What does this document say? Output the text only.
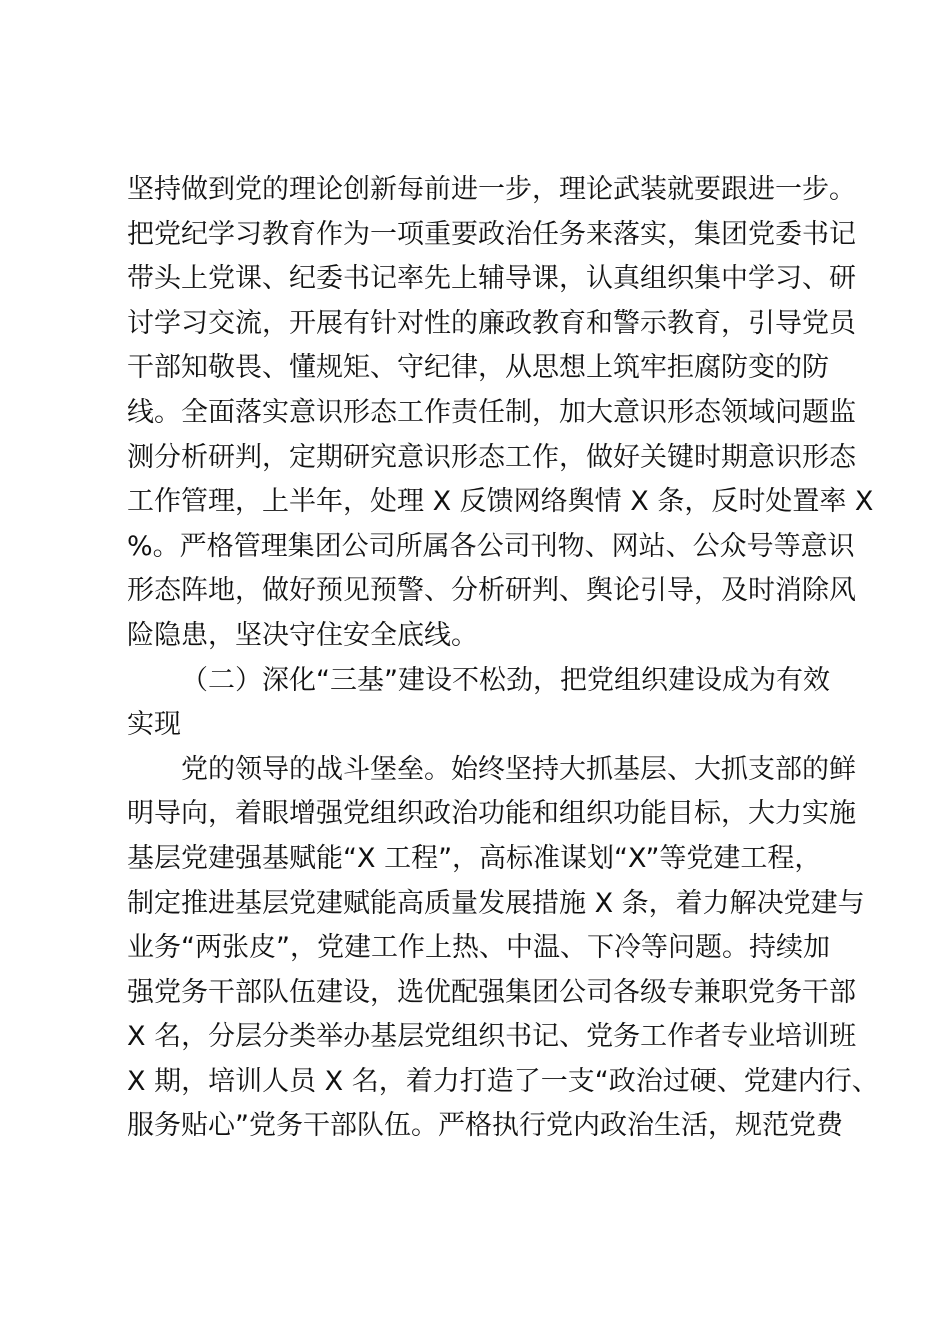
坚持做到党的理论创新每前进一步，理论武装就要跟进一步。
把党纪学习教育作为一项重要政治任务来落实，集团党委书记
带头上党课、纪委书记率先上辅导课，认真组织集中学习、研
讨学习交流，开展有针对性的廉政教育和警示教育，引导党员
干部知敬畏、懂规矩、守纪律，从思想上筑牢拒腐防变的防
线。全面落实意识形态工作责任制，加大意识形态领域问题监
测分析研判，定期研究意识形态工作，做好关键时期意识形态
工作管理，上半年，处理 X 反馈网络舆情 X 条，反时处置率 X
%。严格管理集团公司所属各公司刊物、网站、公众号等意识
形态阵地，做好预见预警、分析研判、舆论引导，及时消除风
险隐患，坚决守住安全底线。
（二）深化“三基”建设不松劲，把党组织建设成为有效
实现
党的领导的战斗堡垒。始终坚持大抓基层、大抓支部的鲜
明导向，着眼增强党组织政治功能和组织功能目标，大力实施
基层党建强基赋能“X 工程”，高标准谋划“X”等党建工程，
制定推进基层党建赋能高质量发展措施 X 条，着力解决党建与
业务“两张皮”，党建工作上热、中温、下冷等问题。持续加
强党务干部队伍建设，选优配强集团公司各级专兼职党务干部
X 名，分层分类举办基层党组织书记、党务工作者专业培训班
X 期，培训人员 X 名，着力打造了一支“政治过硬、党建内行、
服务贴心”党务干部队伍。严格执行党内政治生活，规范党费
